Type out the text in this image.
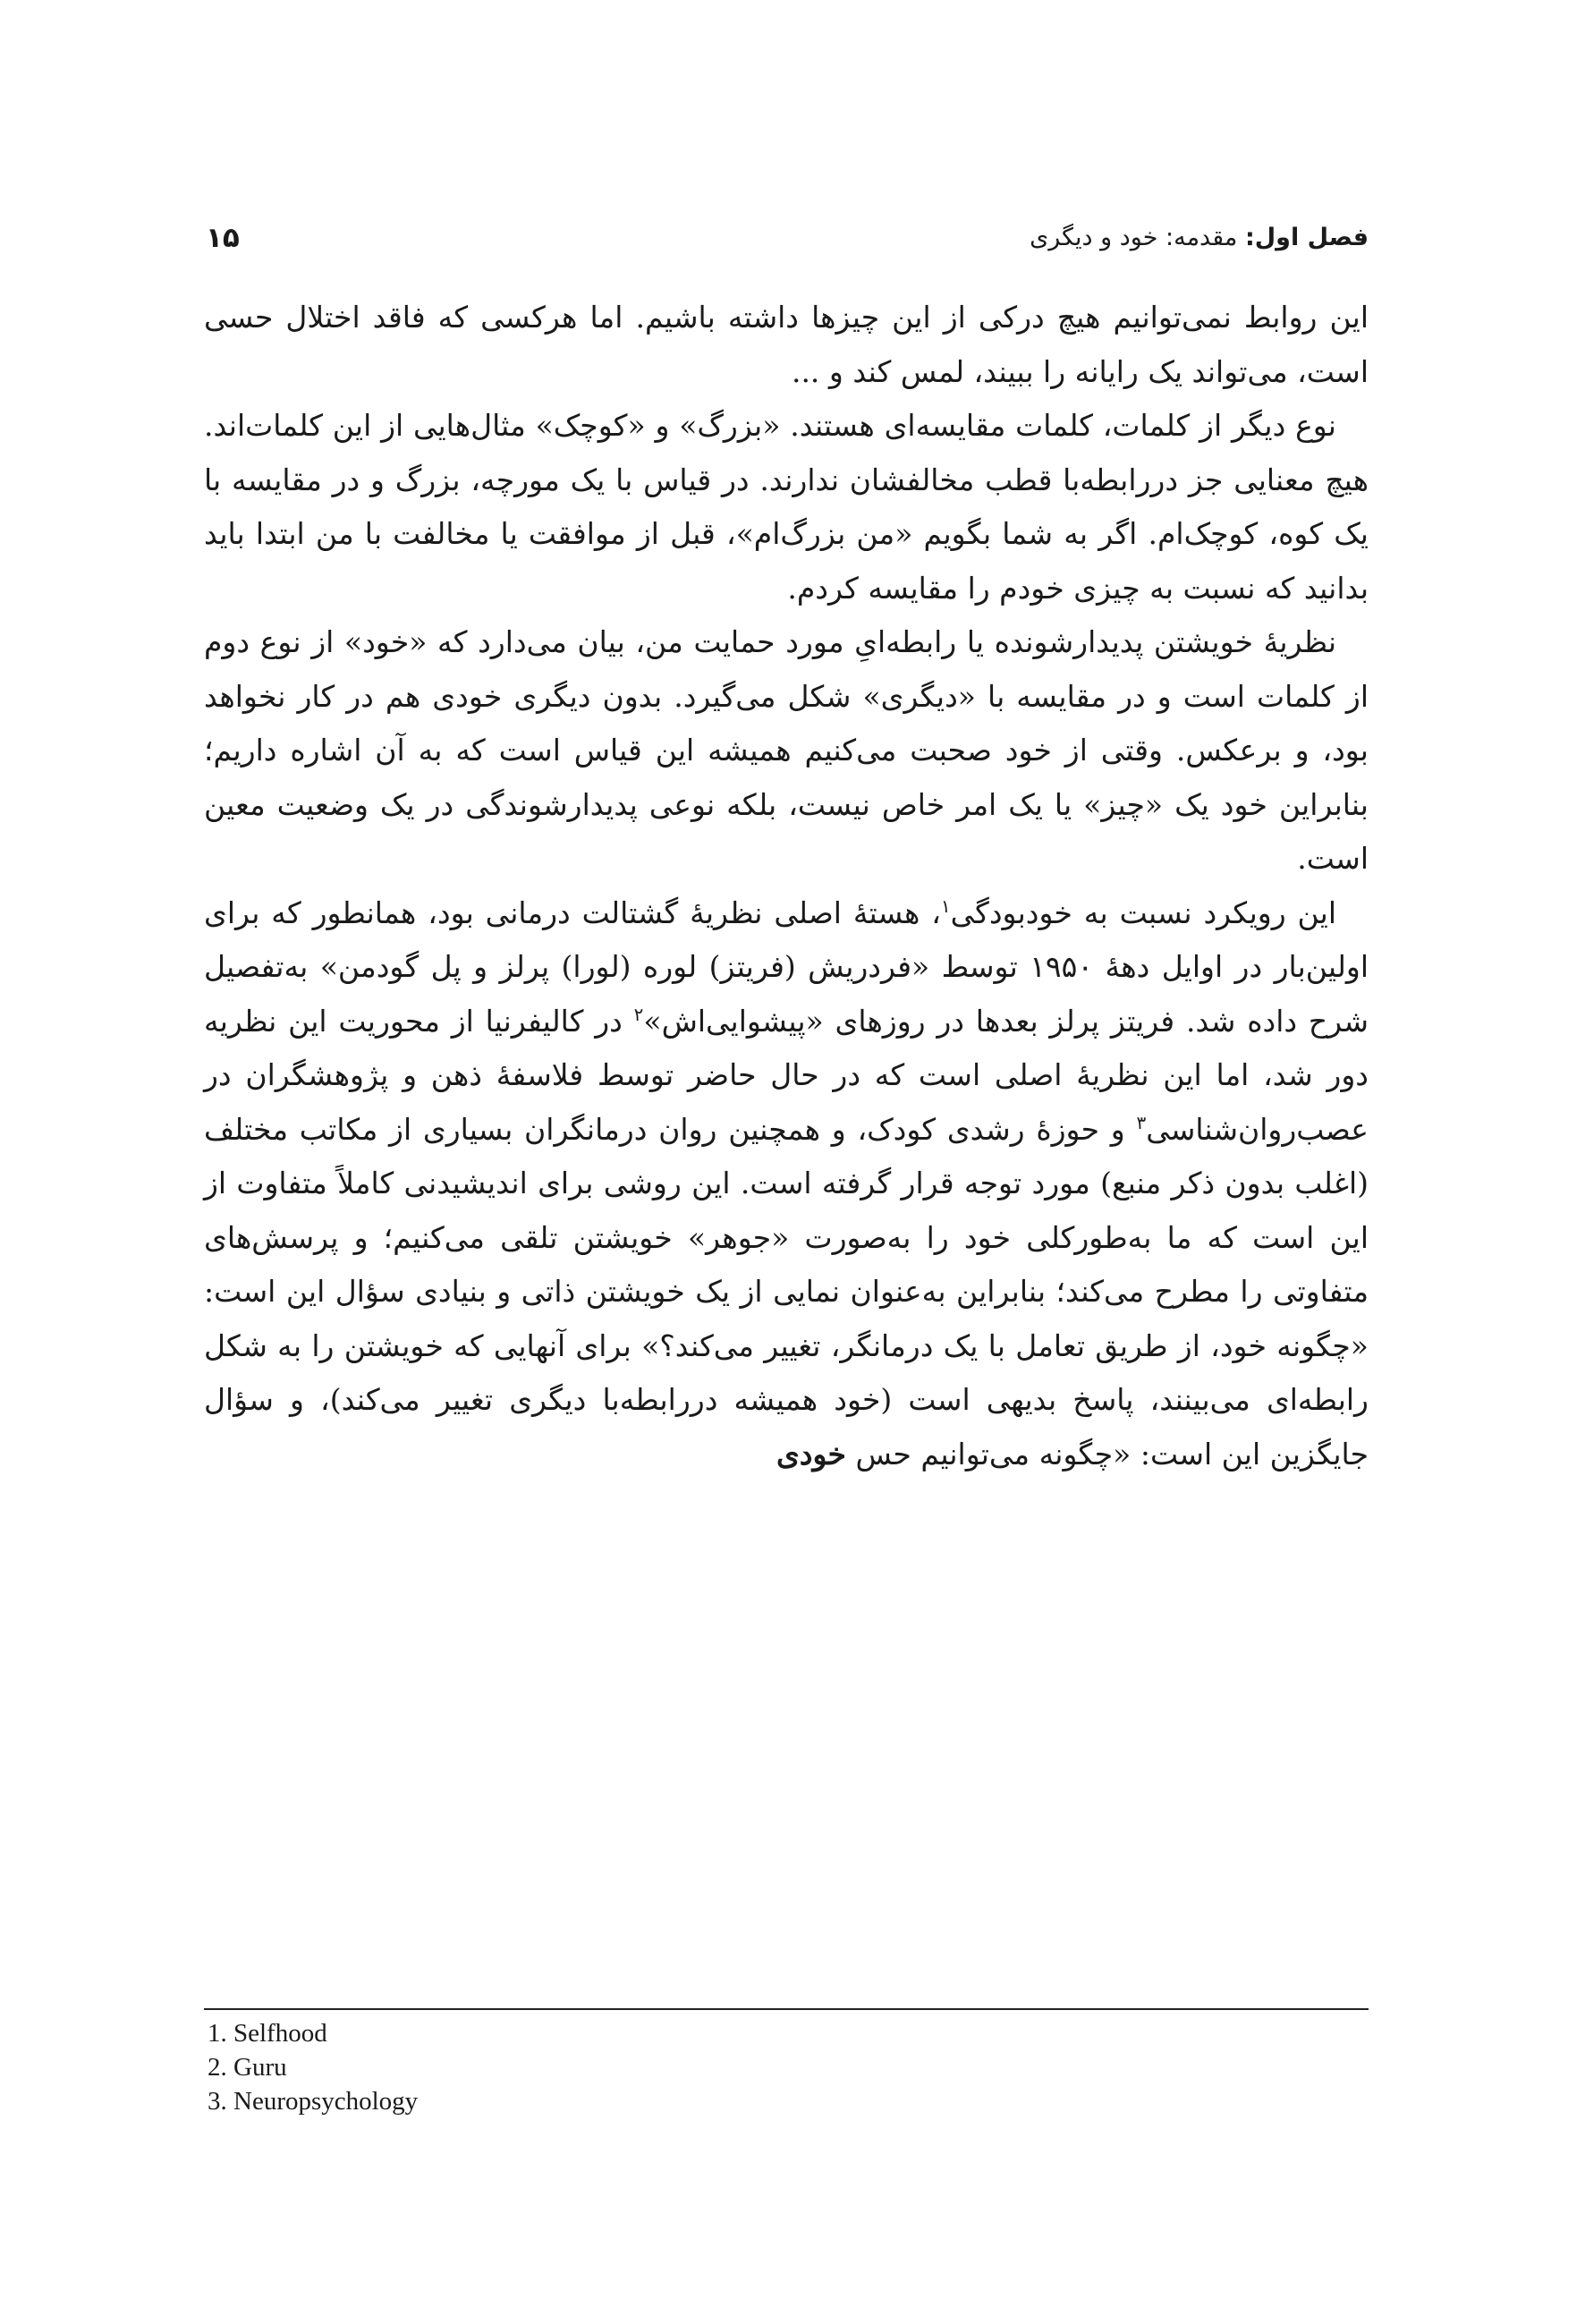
فصل اول: مقدمه: خود و دیگری
۱۵

این روابط نمی‌توانیم هیچ درکی از این چیزها داشته باشیم. اما هرکسی که فاقد اختلال حسی است، می‌تواند یک رایانه را ببیند، لمس کند و ...

نوع دیگر از کلمات، کلمات مقایسه‌ای هستند. «بزرگ» و «کوچک» مثال‌هایی از این کلمات‌اند. هیچ معنایی جز دررابطه‌با قطب مخالفشان ندارند. در قیاس با یک مورچه، بزرگ و در مقایسه با یک کوه، کوچک‌ام. اگر به شما بگویم «من بزرگ‌ام»، قبل از موافقت یا مخالفت با من ابتدا باید بدانید که نسبت به چیزی خودم را مقایسه کردم.

نظریهٔ خویشتن پدیدارشونده یا رابطه‌ایِ مورد حمایت من، بیان می‌دارد که «خود» از نوع دوم از کلمات است و در مقایسه با «دیگری» شکل می‌گیرد. بدون دیگری خودی هم در کار نخواهد بود، و برعکس. وقتی از خود صحبت می‌کنیم همیشه این قیاس است که به آن اشاره داریم؛ بنابراین خود یک «چیز» یا یک امر خاص نیست، بلکه نوعی پدیدارشوندگی در یک وضعیت معین است.

این رویکرد نسبت به خودبودگی$^۱$، هستهٔ اصلی نظریهٔ گشتالت درمانی بود، همانطور که برای اولین‌بار در اوایل دههٔ ۱۹۵۰ توسط «فردریش (فریتز) لوره (لورا) پرلز و پل گودمن» به‌تفصیل شرح داده شد. فریتز پرلز بعدها در روزهای «پیشوایی‌اش»$^۲$ در کالیفرنیا از محوریت این نظریه دور شد، اما این نظریهٔ اصلی است که در حال حاضر توسط فلاسفهٔ ذهن و پژوهشگران در عصب‌روان‌شناسی$^۳$ و حوزهٔ رشدی کودک، و همچنین روان درمانگران بسیاری از مکاتب مختلف (اغلب بدون ذکر منبع) مورد توجه قرار گرفته است. این روشی برای اندیشیدنی کاملاً متفاوت از این است که ما به‌طورکلی خود را به‌صورت «جوهر» خویشتن تلقی می‌کنیم؛ و پرسش‌های متفاوتی را مطرح می‌کند؛ بنابراین به‌عنوان نمایی از یک خویشتن ذاتی و بنیادی سؤال این است: «چگونه خود، از طریق تعامل با یک درمانگر، تغییر می‌کند؟» برای آنهایی که خویشتن را به شکل رابطه‌ای می‌بینند، پاسخ بدیهی است (خود همیشه دررابطه‌با دیگری تغییر می‌کند)، و سؤال جایگزین این است: «چگونه می‌توانیم حس خودی

1. Selfhood
2. Guru
3. Neuropsychology
